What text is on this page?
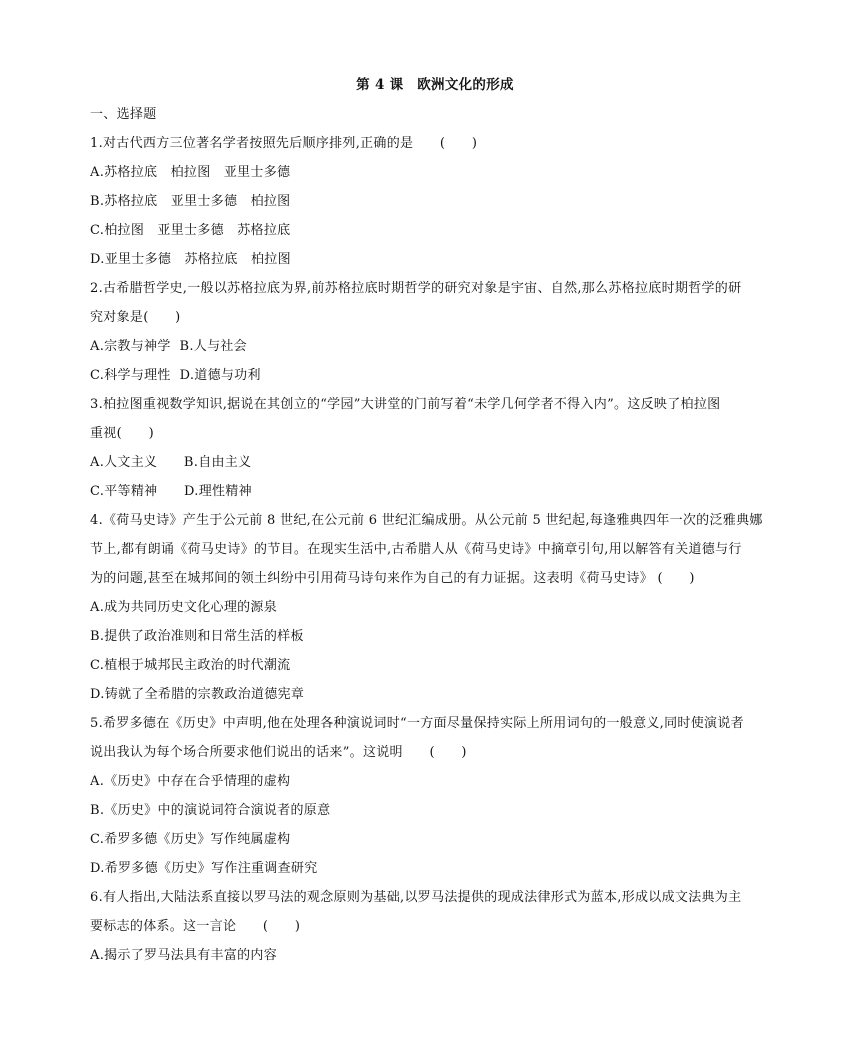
第 4 课　欧洲文化的形成
一、选择题
1.对古代西方三位著名学者按照先后顺序排列,正确的是　　(　　)
A.苏格拉底　柏拉图　亚里士多德
B.苏格拉底　亚里士多德　柏拉图
C.柏拉图　亚里士多德　苏格拉底
D.亚里士多德　苏格拉底　柏拉图
2.古希腊哲学史,一般以苏格拉底为界,前苏格拉底时期哲学的研究对象是宇宙、自然,那么苏格拉底时期哲学的研
究对象是(　　)
A.宗教与神学  B.人与社会
C.科学与理性  D.道德与功利
3.柏拉图重视数学知识,据说在其创立的“学园”大讲堂的门前写着“未学几何学者不得入内”。这反映了柏拉图
重视(　　)
A.人文主义　　B.自由主义
C.平等精神　　D.理性精神
4.《荷马史诗》产生于公元前 8 世纪,在公元前 6 世纪汇编成册。从公元前 5 世纪起,每逢雅典四年一次的泛雅典娜
节上,都有朗诵《荷马史诗》的节目。在现实生活中,古希腊人从《荷马史诗》中摘章引句,用以解答有关道德与行
为的问题,甚至在城邦间的领土纠纷中引用荷马诗句来作为自己的有力证据。这表明《荷马史诗》 (　　)
A.成为共同历史文化心理的源泉
B.提供了政治准则和日常生活的样板
C.植根于城邦民主政治的时代潮流
D.铸就了全希腊的宗教政治道德宪章
5.希罗多德在《历史》中声明,他在处理各种演说词时“一方面尽量保持实际上所用词句的一般意义,同时使演说者
说出我认为每个场合所要求他们说出的话来”。这说明　　(　　)
A.《历史》中存在合乎情理的虚构
B.《历史》中的演说词符合演说者的原意
C.希罗多德《历史》写作纯属虚构
D.希罗多德《历史》写作注重调查研究
6.有人指出,大陆法系直接以罗马法的观念原则为基础,以罗马法提供的现成法律形式为蓝本,形成以成文法典为主
要标志的体系。这一言论　　(　　)
A.揭示了罗马法具有丰富的内容
